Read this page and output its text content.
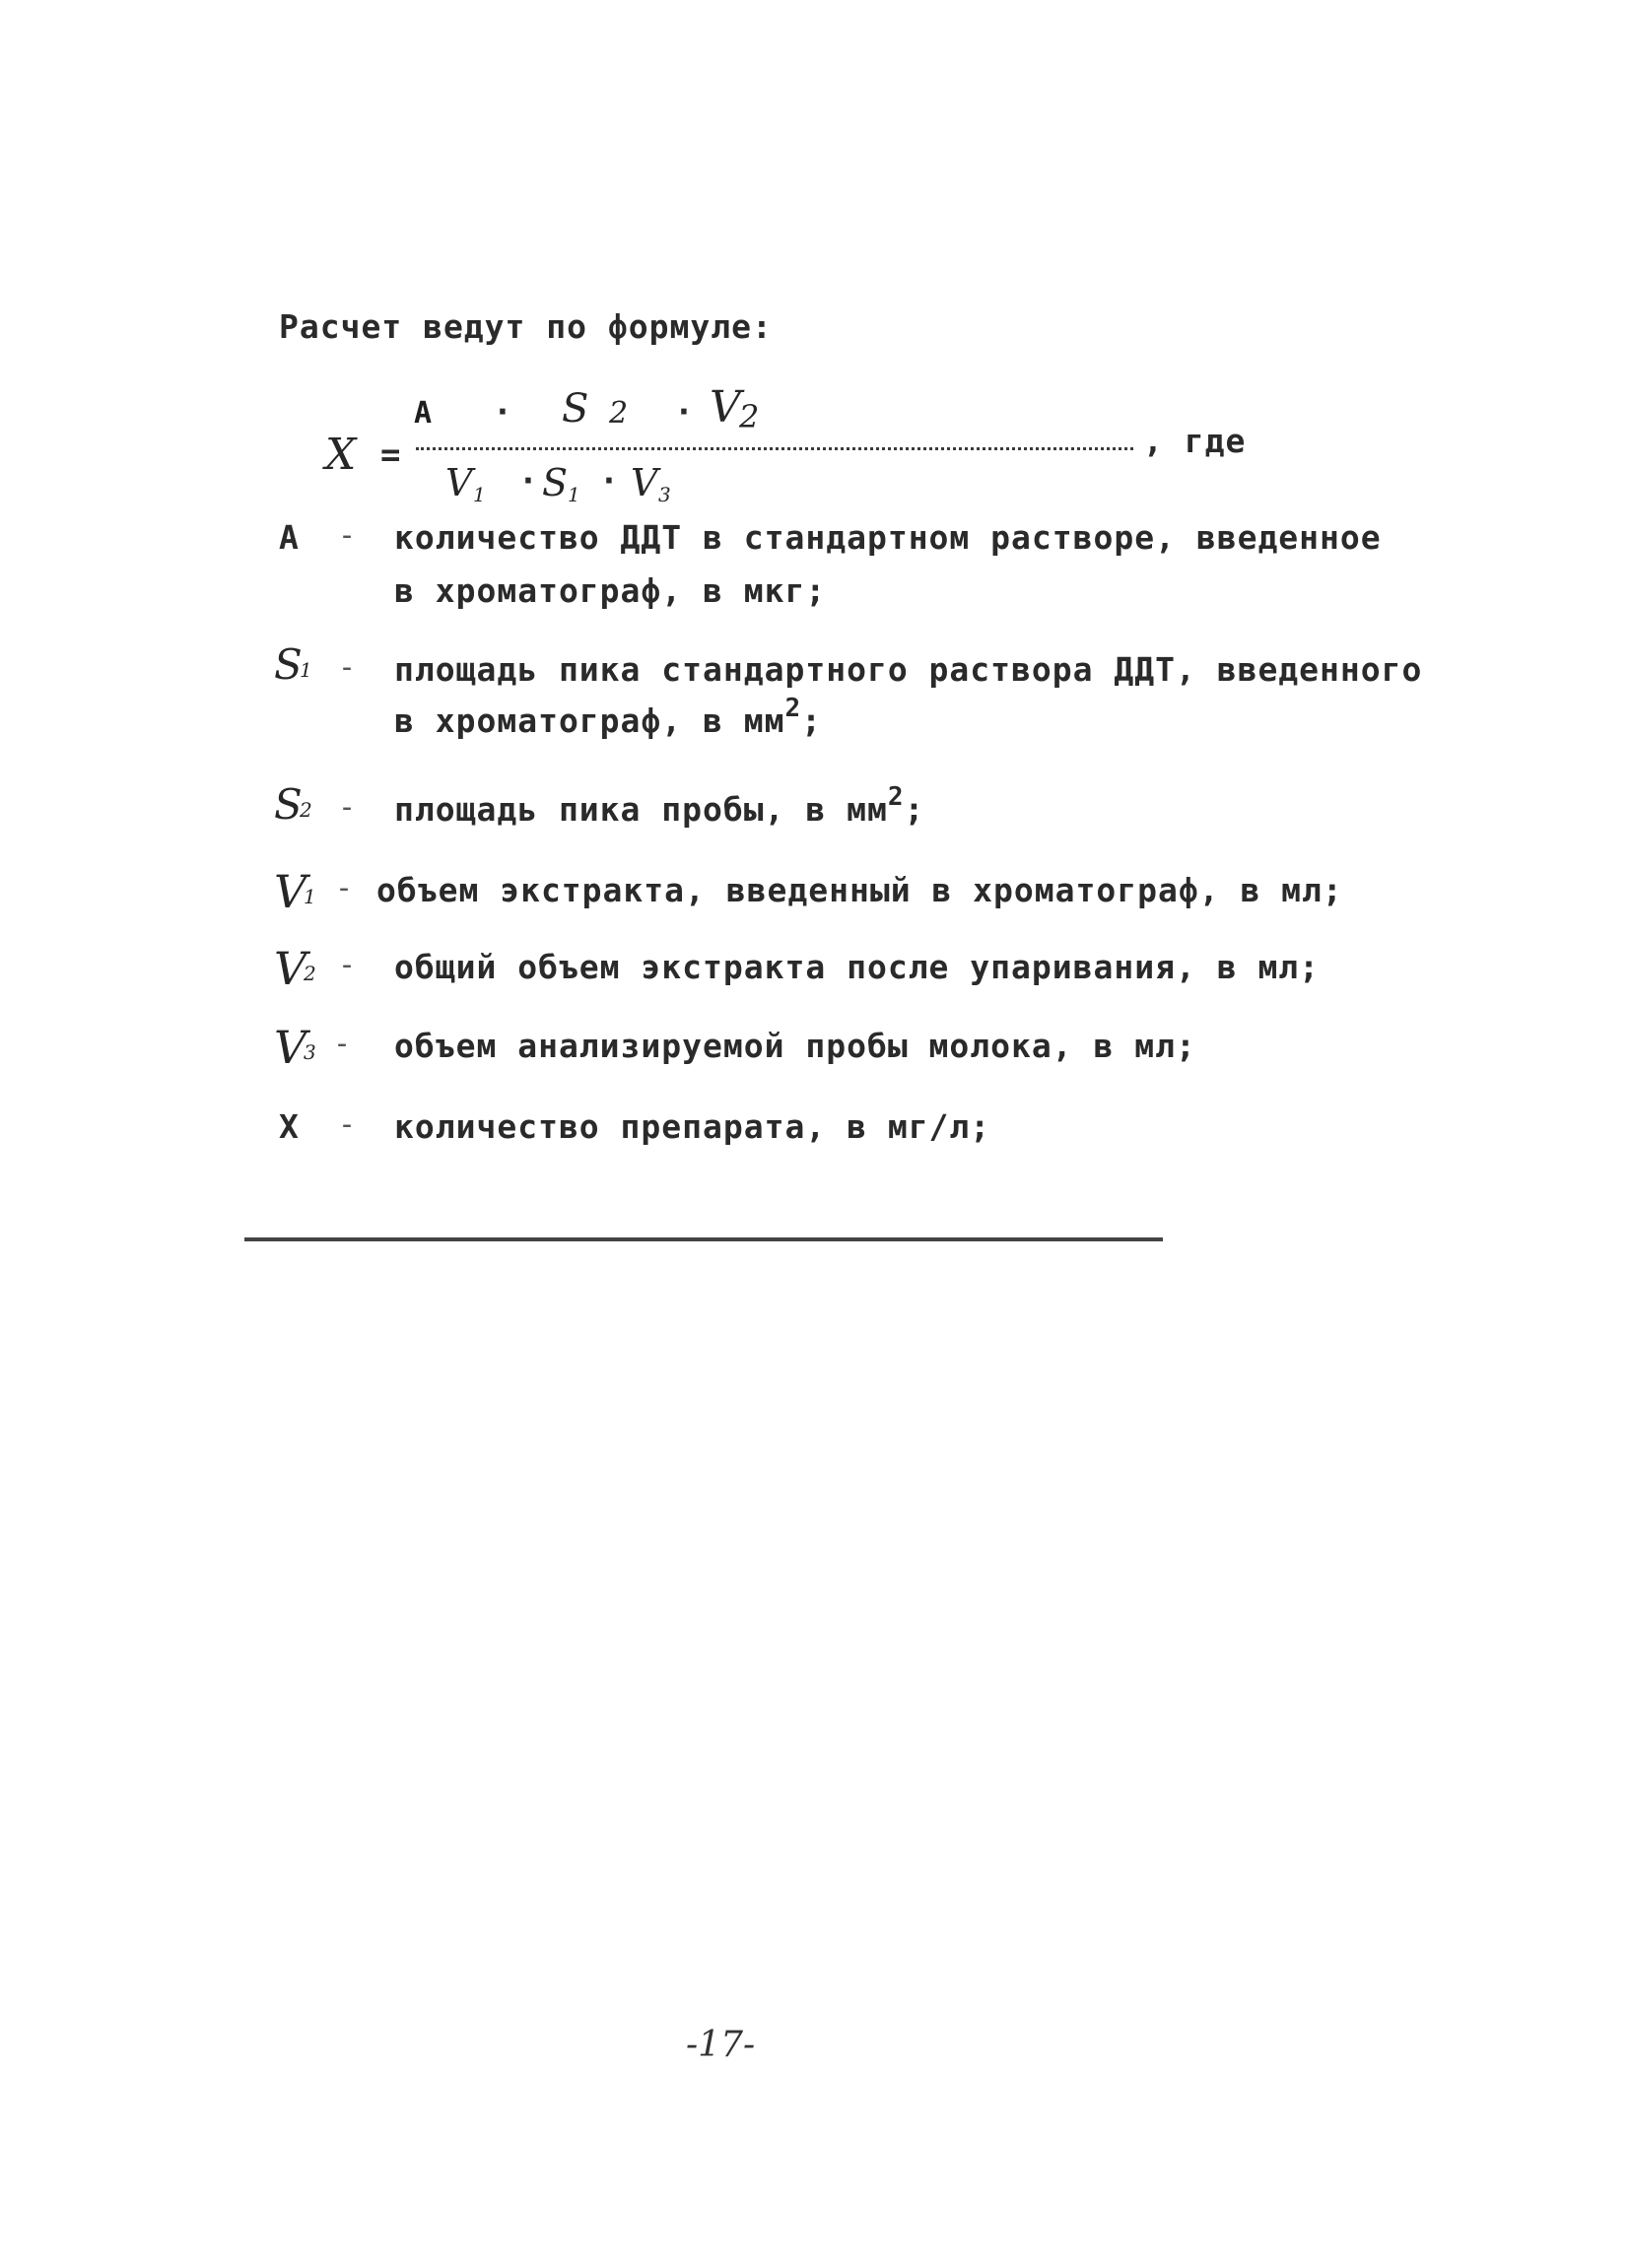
Расчет ведут по формуле:
X =
A · S 2 · V
2
V 1 · S 1 · V 3
, где
A - количество ДДТ в стандартном растворе, введенное
в хроматограф, в мкг;
S
1 - площадь пика стандартного раствора ДДТ, введенного
в хроматограф, в $мм^2$;
S
2 - площадь пика пробы, в $мм^2$;
V
1 - объем экстракта, введенный в хроматограф, в мл;
V
2 - общий объем экстракта после упаривания, в мл;
V
3 - объем анализируемой пробы молока, в мл;
X - количество препарата, в мг/л;
-17-
